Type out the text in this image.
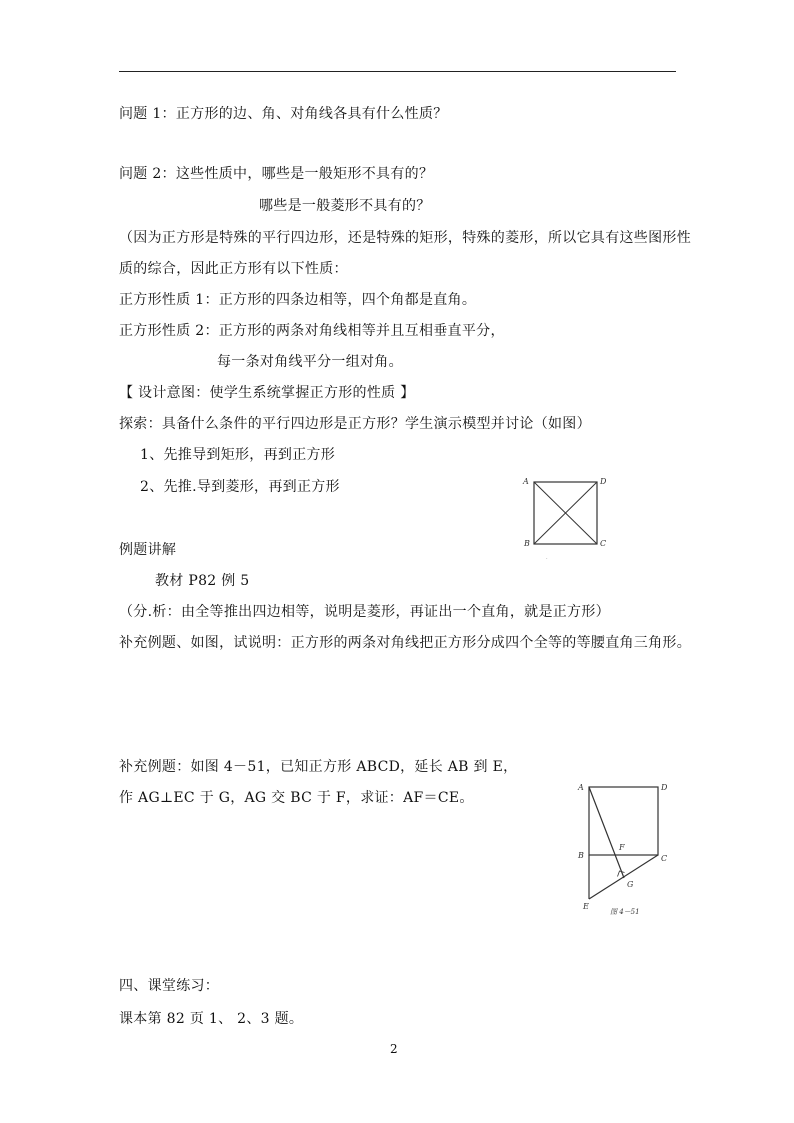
问题 1：正方形的边、角、对角线各具有什么性质？
问题 2：这些性质中，哪些是一般矩形不具有的？
哪些是一般菱形不具有的？
（因为正方形是特殊的平行四边形，还是特殊的矩形，特殊的菱形，所以它具有这些图形性
质的综合，因此正方形有以下性质：
正方形性质 1：正方形的四条边相等，四个角都是直角。
正方形性质 2：正方形的两条对角线相等并且互相垂直平分，
每一条对角线平分一组对角。
【 设计意图：使学生系统掌握正方形的性质 】
探索：具备什么条件的平行四边形是正方形？学生演示模型并讨论（如图）
1、先推导到矩形，再到正方形
2、先推.导到菱形，再到正方形
例题讲解
教材 P82 例 5
（分.析：由全等推出四边相等，说明是菱形，再证出一个直角，就是正方形）
补充例题、如图，试说明：正方形的两条对角线把正方形分成四个全等的等腰直角三角形。
补充例题：如图 4－51，已知正方形 ABCD，延长 AB 到 E，
作 AG⊥EC 于 G，AG 交 BC 于 F，求证：AF＝CE。
四、课堂练习：
课本第 82 页 1、 2、3 题。
A	D
B	C
.
A	D
B	C
F
G
E
图 4－51
2
